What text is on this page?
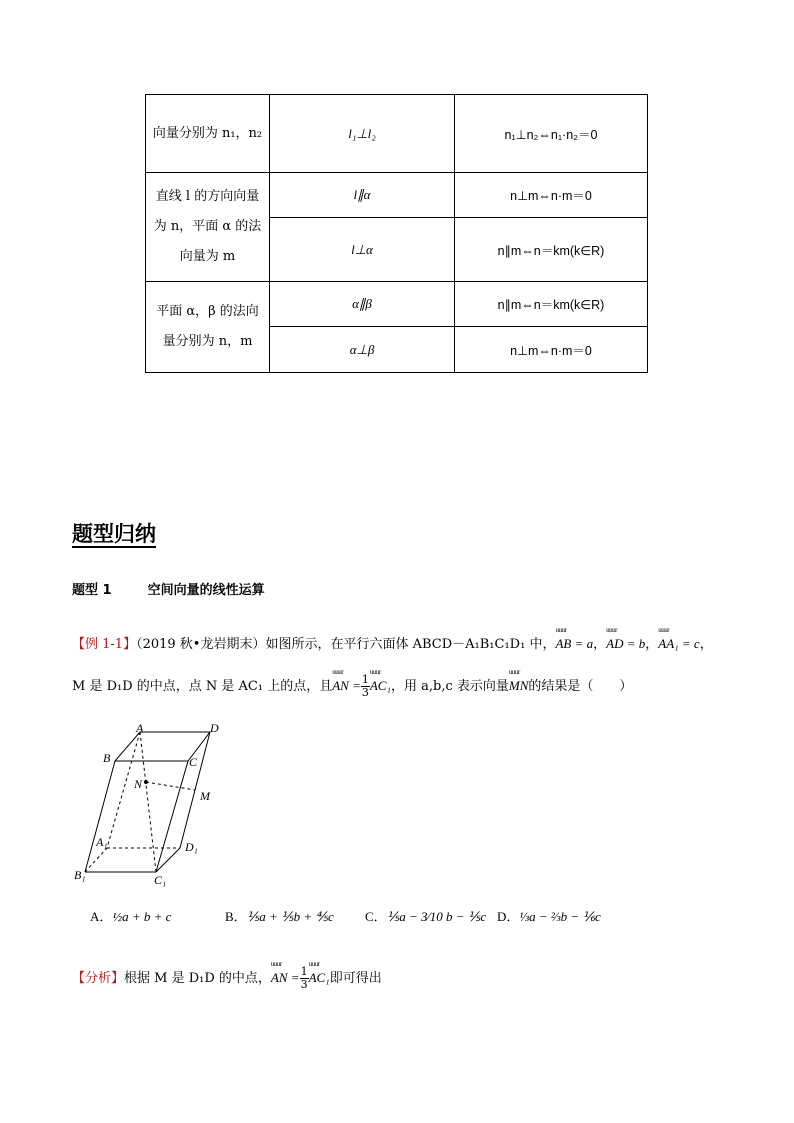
向量分别为 n₁，n₂	l₁⊥l₂	n₁⊥n₂⇔n₁·n₂＝0
直线 l 的方向向量为 n，平面 α 的法向量为 m	l∥α	n⊥m⇔n·m＝0
	l⊥α	n∥m⇔n＝km(k∈R)
平面 α，β 的法向量分别为 n，m	α∥β	n∥m⇔n＝km(k∈R)
	α⊥β	n⊥m⇔n·m＝0
题型归纳
题型 1	空间向量的线性运算
【例 1-1】（2019 秋•龙岩期末）如图所示，在平行六面体 ABCD－A₁B₁C₁D₁ 中，uuur AB = a，uuur AD = b，uuur AA₁ = c，
M 是 D₁D 的中点，点 N 是 AC₁ 上的点，且uuur AN = $\frac{1}{3}$ uuur AC₁，用 a,b,c 表示向量uuur MN的结果是（　　）
A	D
B	C
N
M
A₁	D₁
B₁	C₁
A．½a + b + c	B．⅕a + ⅕b + ⅘c C．⅕a − 3⁄10 b − ⅕c D．⅓a − ⅔b − ⅙c
【分析】根据 M 是 D₁D 的中点，uuur AN = $\frac{1}{3}$ uuur AC₁即可得出
